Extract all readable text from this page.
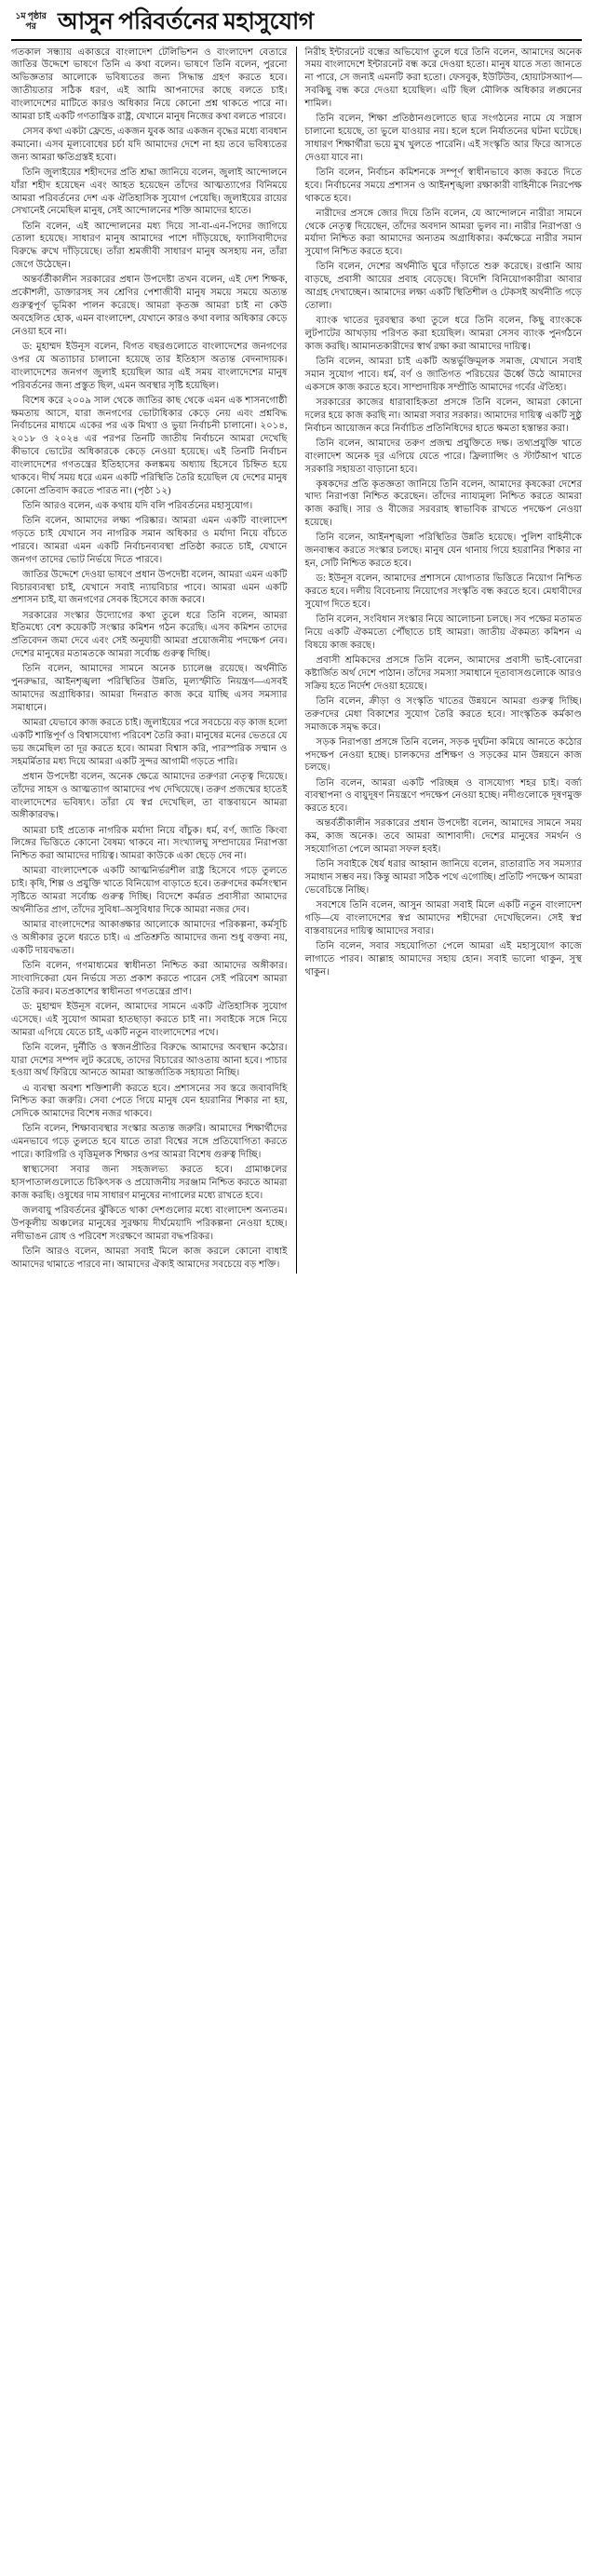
১ম পৃষ্ঠার পর আসুন পরিবর্তনের মহাসুযোগ

গতকাল সন্ধ্যায় একাত্তরে বাংলাদেশ টেলিভিশন ও বাংলাদেশ বেতারে জাতির উদ্দেশে ভাষণে তিনি এ কথা বলেন। ভাষণে তিনি বলেন, পুরনো অভিজ্ঞতার আলোকে ভবিষ্যতের জন্য সিদ্ধান্ত গ্রহণ করতে হবে। জাতীয়তার সঠিক ধরণ, এই আমি আপনাদের কাছে বলতে চাই। বাংলাদেশের মাটিতে কারও অধিকার নিয়ে কোনো প্রশ্ন থাকতে পারে না। আমরা চাই একটি গণতান্ত্রিক রাষ্ট্র, যেখানে মানুষ নিজের কথা বলতে পারবে।

সেসব কথা একটা ফ্রেন্ডে, একজন যুবক আর একজন বৃদ্ধের মধ্যে ব্যবধান কমানো। এসব মূল্যবোধের চর্চা যদি আমাদের দেশে না হয় তবে ভবিষ্যতের জন্য আমরা ক্ষতিগ্রস্তই হবো।

তিনি জুলাইয়ের শহীদদের প্রতি শ্রদ্ধা জানিয়ে বলেন, জুলাই আন্দোলনে যাঁরা শহীদ হয়েছেন এবং আহত হয়েছেন তাঁদের আত্মত্যাগের বিনিময়ে আমরা পরিবর্তনের দেশ এক ঐতিহাসিক সুযোগ পেয়েছি। জুলাইয়ের রায়ের সেখানেই নেমেছিল মানুষ, সেই আন্দোলনের শক্তি আমাদের হাতে।

তিনি বলেন, এই আন্দোলনের মধ্য দিয়ে সা-বা-এন-পিদের জাগিয়ে তোলা হয়েছে। সাধারণ মানুষ আমাদের পাশে দাঁড়িয়েছে, ফ্যাসিবাদীদের বিরুদ্ধে রুখে দাঁড়িয়েছে। তাঁরা শ্রমজীবী সাধারণ মানুষ অসহায় নন, তাঁরা জেগে উঠেছেন।

অন্তর্বর্তীকালীন সরকারের প্রধান উপদেষ্টা তখন বলেন, এই দেশ শিক্ষক, প্রকৌশলী, ডাক্তারসহ সব শ্রেণির পেশাজীবী মানুষ সময়ে সময়ে অত্যন্ত গুরুত্বপূর্ণ ভূমিকা পালন করেছে। আমরা কৃতজ্ঞ আমরা চাই না কেউ অবহেলিত হোক, এমন বাংলাদেশ, যেখানে কারও কথা বলার অধিকার কেড়ে নেওয়া হবে না।

ড: মুহাম্মদ ইউনূস বলেন, বিগত বছরগুলোতে বাংলাদেশের জনগণের ওপর যে অত্যাচার চালানো হয়েছে তার ইতিহাস অত্যন্ত বেদনাদায়ক। বাংলাদেশের জনগণ জুলাই হয়েছিল আর এই সময় বাংলাদেশের মানুষ পরিবর্তনের জন্য প্রস্তুত ছিল, এমন অবস্থার সৃষ্টি হয়েছিল।

বিশেষ করে ২০০৯ সাল থেকে জাতির কাছ থেকে এমন এক শাসনগোষ্ঠী ক্ষমতায় আসে, যারা জনগণের ভোটাধিকার কেড়ে নেয় এবং প্রশ্নবিদ্ধ নির্বাচনের মাধ্যমে একের পর এক মিথ্যা ও ভুয়া নির্বাচনী চালানো। ২০১৪, ২০১৮ ও ২০২৪ এর পরপর তিনটি জাতীয় নির্বাচনে আমরা দেখেছি কীভাবে ভোটের অধিকারকে কেড়ে নেওয়া হয়েছে। এই তিনটি নির্বাচন বাংলাদেশের গণতন্ত্রের ইতিহাসের কলঙ্কময় অধ্যায় হিসেবে চিহ্নিত হয়ে থাকবে। দীর্ঘ সময় ধরে এমন একটি পরিস্থিতি তৈরি হয়েছিল যে দেশের মানুষ কোনো প্রতিবাদ করতে পারত না। (পৃষ্ঠা ১২)

তিনি আরও বলেন, এক কথায় যদি বলি পরিবর্তনের মহাসুযোগ।

তিনি বলেন, আমাদের লক্ষ্য পরিষ্কার। আমরা এমন একটি বাংলাদেশ গড়তে চাই যেখানে সব নাগরিক সমান অধিকার ও মর্যাদা নিয়ে বাঁচতে পারবে। আমরা এমন একটি নির্বাচনব্যবস্থা প্রতিষ্ঠা করতে চাই, যেখানে জনগণ তাদের ভোট নির্ভয়ে দিতে পারবে।

জাতির উদ্দেশে দেওয়া ভাষণে প্রধান উপদেষ্টা বলেন, আমরা এমন একটি বিচারব্যবস্থা চাই, যেখানে সবাই ন্যায়বিচার পাবে। আমরা এমন একটি প্রশাসন চাই, যা জনগণের সেবক হিসেবে কাজ করবে।

সরকারের সংস্কার উদ্যোগের কথা তুলে ধরে তিনি বলেন, আমরা ইতিমধ্যে বেশ কয়েকটি সংস্কার কমিশন গঠন করেছি। এসব কমিশন তাদের প্রতিবেদন জমা দেবে এবং সেই অনুযায়ী আমরা প্রয়োজনীয় পদক্ষেপ নেব। দেশের মানুষের মতামতকে আমরা সর্বোচ্চ গুরুত্ব দিচ্ছি।

তিনি বলেন, আমাদের সামনে অনেক চ্যালেঞ্জ রয়েছে। অর্থনীতি পুনরুদ্ধার, আইনশৃঙ্খলা পরিস্থিতির উন্নতি, মূল্যস্ফীতি নিয়ন্ত্রণ—এসবই আমাদের অগ্রাধিকার। আমরা দিনরাত কাজ করে যাচ্ছি এসব সমস্যার সমাধানে।

আমরা যেভাবে কাজ করতে চাই। জুলাইয়ের পরে সবচেয়ে বড় কাজ হলো একটি শান্তিপূর্ণ ও বিশ্বাসযোগ্য পরিবেশ তৈরি করা। মানুষের মনের ভেতরে যে ভয় জমেছিল তা দূর করতে হবে। আমরা বিশ্বাস করি, পারস্পরিক সম্মান ও সহমর্মিতার মধ্য দিয়ে আমরা একটি সুন্দর আগামী গড়তে পারি।

প্রধান উপদেষ্টা বলেন, অনেক ক্ষেত্রে আমাদের তরুণরা নেতৃত্ব দিয়েছে। তাঁদের সাহস ও আত্মত্যাগ আমাদের পথ দেখিয়েছে। তরুণ প্রজন্মের হাতেই বাংলাদেশের ভবিষ্যৎ। তাঁরা যে স্বপ্ন দেখেছিল, তা বাস্তবায়নে আমরা অঙ্গীকারবদ্ধ।

আমরা চাই প্রত্যেক নাগরিক মর্যাদা নিয়ে বাঁচুক। ধর্ম, বর্ণ, জাতি কিংবা লিঙ্গের ভিত্তিতে কোনো বৈষম্য থাকবে না। সংখ্যালঘু সম্প্রদায়ের নিরাপত্তা নিশ্চিত করা আমাদের দায়িত্ব। আমরা কাউকে একা ছেড়ে দেব না।

আমরা বাংলাদেশকে একটি আত্মনির্ভরশীল রাষ্ট্র হিসেবে গড়ে তুলতে চাই। কৃষি, শিল্প ও প্রযুক্তি খাতে বিনিয়োগ বাড়াতে হবে। তরুণদের কর্মসংস্থান সৃষ্টিতে আমরা সর্বোচ্চ গুরুত্ব দিচ্ছি। বিদেশে কর্মরত প্রবাসীরা আমাদের অর্থনীতির প্রাণ, তাঁদের সুবিধা–অসুবিধার দিকে আমরা নজর দেব।

আমার বাংলাদেশের আকাঙ্ক্ষার আলোকে আমাদের পরিকল্পনা, কর্মসূচি ও অঙ্গীকার তুলে ধরতে চাই। এ প্রতিশ্রুতি আমাদের জন্য শুধু বক্তব্য নয়, একটি দায়বদ্ধতা।

তিনি বলেন, গণমাধ্যমের স্বাধীনতা নিশ্চিত করা আমাদের অঙ্গীকার। সাংবাদিকেরা যেন নির্ভয়ে সত্য প্রকাশ করতে পারেন সেই পরিবেশ আমরা তৈরি করব। মতপ্রকাশের স্বাধীনতা গণতন্ত্রের প্রাণ।

ড: মুহাম্মদ ইউনূস বলেন, আমাদের সামনে একটি ঐতিহাসিক সুযোগ এসেছে। এই সুযোগ আমরা হাতছাড়া করতে চাই না। সবাইকে সঙ্গে নিয়ে আমরা এগিয়ে যেতে চাই, একটি নতুন বাংলাদেশের পথে।

তিনি বলেন, দুর্নীতি ও স্বজনপ্রীতির বিরুদ্ধে আমাদের অবস্থান কঠোর। যারা দেশের সম্পদ লুট করেছে, তাদের বিচারের আওতায় আনা হবে। পাচার হওয়া অর্থ ফিরিয়ে আনতে আমরা আন্তর্জাতিক সহায়তা নিচ্ছি।

এ ব্যবস্থা অবশ্য শক্তিশালী করতে হবে। প্রশাসনের সব স্তরে জবাবদিহি নিশ্চিত করা জরুরি। সেবা পেতে গিয়ে মানুষ যেন হয়রানির শিকার না হয়, সেদিকে আমাদের বিশেষ নজর থাকবে।

তিনি বলেন, শিক্ষাব্যবস্থার সংস্কার অত্যন্ত জরুরি। আমাদের শিক্ষার্থীদের এমনভাবে গড়ে তুলতে হবে যাতে তারা বিশ্বের সঙ্গে প্রতিযোগিতা করতে পারে। কারিগরি ও বৃত্তিমূলক শিক্ষার ওপর আমরা বিশেষ গুরুত্ব দিচ্ছি।

স্বাস্থ্যসেবা সবার জন্য সহজলভ্য করতে হবে। গ্রামাঞ্চলের হাসপাতালগুলোতে চিকিৎসক ও প্রয়োজনীয় সরঞ্জাম নিশ্চিত করতে আমরা কাজ করছি। ওষুধের দাম সাধারণ মানুষের নাগালের মধ্যে রাখতে হবে।

জলবায়ু পরিবর্তনের ঝুঁকিতে থাকা দেশগুলোর মধ্যে বাংলাদেশ অন্যতম। উপকূলীয় অঞ্চলের মানুষের সুরক্ষায় দীর্ঘমেয়াদি পরিকল্পনা নেওয়া হচ্ছে। নদীভাঙন রোধ ও পরিবেশ সংরক্ষণে আমরা বদ্ধপরিকর।

তিনি আরও বলেন, আমরা সবাই মিলে কাজ করলে কোনো বাধাই আমাদের থামাতে পারবে না। আমাদের ঐক্যই আমাদের সবচেয়ে বড় শক্তি।

নিরীহ ইন্টারনেট বন্ধের অভিযোগ তুলে ধরে তিনি বলেন, আমাদের অনেক সময় বাংলাদেশে ইন্টারনেট বন্ধ করে দেওয়া হতো। মানুষ যাতে সত্য জানতে না পারে, সে জন্যই এমনটি করা হতো। ফেসবুক, ইউটিউব, হোয়াটসঅ্যাপ—সবকিছু বন্ধ করে দেওয়া হয়েছিল। এটি ছিল মৌলিক অধিকার লঙ্ঘনের শামিল।

তিনি বলেন, শিক্ষা প্রতিষ্ঠানগুলোতে ছাত্র সংগঠনের নামে যে সন্ত্রাস চালানো হয়েছে, তা ভুলে যাওয়ার নয়। হলে হলে নির্যাতনের ঘটনা ঘটেছে। সাধারণ শিক্ষার্থীরা ভয়ে মুখ খুলতে পারেনি। এই সংস্কৃতি আর ফিরে আসতে দেওয়া যাবে না।

তিনি বলেন, নির্বাচন কমিশনকে সম্পূর্ণ স্বাধীনভাবে কাজ করতে দিতে হবে। নির্বাচনের সময়ে প্রশাসন ও আইনশৃঙ্খলা রক্ষাকারী বাহিনীকে নিরপেক্ষ থাকতে হবে।

নারীদের প্রসঙ্গে জোর দিয়ে তিনি বলেন, যে আন্দোলনে নারীরা সামনে থেকে নেতৃত্ব দিয়েছেন, তাঁদের অবদান আমরা ভুলব না। নারীর নিরাপত্তা ও মর্যাদা নিশ্চিত করা আমাদের অন্যতম অগ্রাধিকার। কর্মক্ষেত্রে নারীর সমান সুযোগ নিশ্চিত করতে হবে।

তিনি বলেন, দেশের অর্থনীতি ঘুরে দাঁড়াতে শুরু করেছে। রপ্তানি আয় বাড়ছে, প্রবাসী আয়ের প্রবাহ বেড়েছে। বিদেশি বিনিয়োগকারীরা আবার আগ্রহ দেখাচ্ছেন। আমাদের লক্ষ্য একটি স্থিতিশীল ও টেকসই অর্থনীতি গড়ে তোলা।

ব্যাংক খাতের দুরবস্থার কথা তুলে ধরে তিনি বলেন, কিছু ব্যাংককে লুটপাটের আখড়ায় পরিণত করা হয়েছিল। আমরা সেসব ব্যাংক পুনর্গঠনে কাজ করছি। আমানতকারীদের স্বার্থ রক্ষা করা আমাদের দায়িত্ব।

তিনি বলেন, আমরা চাই একটি অন্তর্ভুক্তিমূলক সমাজ, যেখানে সবাই সমান সুযোগ পাবে। ধর্ম, বর্ণ ও জাতিগত পরিচয়ের ঊর্ধ্বে উঠে আমাদের একসঙ্গে কাজ করতে হবে। সাম্প্রদায়িক সম্প্রীতি আমাদের গর্বের ঐতিহ্য।

সরকারের কাজের ধারাবাহিকতা প্রসঙ্গে তিনি বলেন, আমরা কোনো দলের হয়ে কাজ করছি না। আমরা সবার সরকার। আমাদের দায়িত্ব একটি সুষ্ঠু নির্বাচন আয়োজন করে নির্বাচিত প্রতিনিধিদের হাতে ক্ষমতা হস্তান্তর করা।

তিনি বলেন, আমাদের তরুণ প্রজন্ম প্রযুক্তিতে দক্ষ। তথ্যপ্রযুক্তি খাতে বাংলাদেশ অনেক দূর এগিয়ে যেতে পারে। ফ্রিল্যান্সিং ও স্টার্টআপ খাতে সরকারি সহায়তা বাড়ানো হবে।

কৃষকদের প্রতি কৃতজ্ঞতা জানিয়ে তিনি বলেন, আমাদের কৃষকেরা দেশের খাদ্য নিরাপত্তা নিশ্চিত করেছেন। তাঁদের ন্যায্যমূল্য নিশ্চিত করতে আমরা কাজ করছি। সার ও বীজের সরবরাহ স্বাভাবিক রাখতে পদক্ষেপ নেওয়া হয়েছে।

তিনি বলেন, আইনশৃঙ্খলা পরিস্থিতির উন্নতি হয়েছে। পুলিশ বাহিনীকে জনবান্ধব করতে সংস্কার চলছে। মানুষ যেন থানায় গিয়ে হয়রানির শিকার না হন, সেটি নিশ্চিত করতে হবে।

ড: ইউনূস বলেন, আমাদের প্রশাসনে যোগ্যতার ভিত্তিতে নিয়োগ নিশ্চিত করতে হবে। দলীয় বিবেচনায় নিয়োগের সংস্কৃতি বন্ধ করতে হবে। মেধাবীদের সুযোগ দিতে হবে।

তিনি বলেন, সংবিধান সংস্কার নিয়ে আলোচনা চলছে। সব পক্ষের মতামত নিয়ে একটি ঐকমত্যে পৌঁছাতে চাই আমরা। জাতীয় ঐকমত্য কমিশন এ বিষয়ে কাজ করছে।

প্রবাসী শ্রমিকদের প্রসঙ্গে তিনি বলেন, আমাদের প্রবাসী ভাই-বোনেরা কষ্টার্জিত অর্থ দেশে পাঠান। তাঁদের সমস্যা সমাধানে দূতাবাসগুলোকে আরও সক্রিয় হতে নির্দেশ দেওয়া হয়েছে।

তিনি বলেন, ক্রীড়া ও সংস্কৃতি খাতের উন্নয়নে আমরা গুরুত্ব দিচ্ছি। তরুণদের মেধা বিকাশের সুযোগ তৈরি করতে হবে। সাংস্কৃতিক কর্মকাণ্ড সমাজকে সমৃদ্ধ করে।

সড়ক নিরাপত্তা প্রসঙ্গে তিনি বলেন, সড়ক দুর্ঘটনা কমিয়ে আনতে কঠোর পদক্ষেপ নেওয়া হচ্ছে। চালকদের প্রশিক্ষণ ও সড়কের মান উন্নয়নে কাজ চলছে।

তিনি বলেন, আমরা একটি পরিচ্ছন্ন ও বাসযোগ্য শহর চাই। বর্জ্য ব্যবস্থাপনা ও বায়ুদূষণ নিয়ন্ত্রণে পদক্ষেপ নেওয়া হচ্ছে। নদীগুলোকে দূষণমুক্ত করতে হবে।

অন্তর্বর্তীকালীন সরকারের প্রধান উপদেষ্টা বলেন, আমাদের সামনে সময় কম, কাজ অনেক। তবে আমরা আশাবাদী। দেশের মানুষের সমর্থন ও সহযোগিতা পেলে আমরা সফল হবই।

তিনি সবাইকে ধৈর্য ধরার আহ্বান জানিয়ে বলেন, রাতারাতি সব সমস্যার সমাধান সম্ভব নয়। কিন্তু আমরা সঠিক পথে এগোচ্ছি। প্রতিটি পদক্ষেপ আমরা ভেবেচিন্তে নিচ্ছি।

সবশেষে তিনি বলেন, আসুন আমরা সবাই মিলে একটি নতুন বাংলাদেশ গড়ি—যে বাংলাদেশের স্বপ্ন আমাদের শহীদেরা দেখেছিলেন। সেই স্বপ্ন বাস্তবায়নের দায়িত্ব আমাদের সবার।

তিনি বলেন, সবার সহযোগিতা পেলে আমরা এই মহাসুযোগ কাজে লাগাতে পারব। আল্লাহ আমাদের সহায় হোন। সবাই ভালো থাকুন, সুস্থ থাকুন।
